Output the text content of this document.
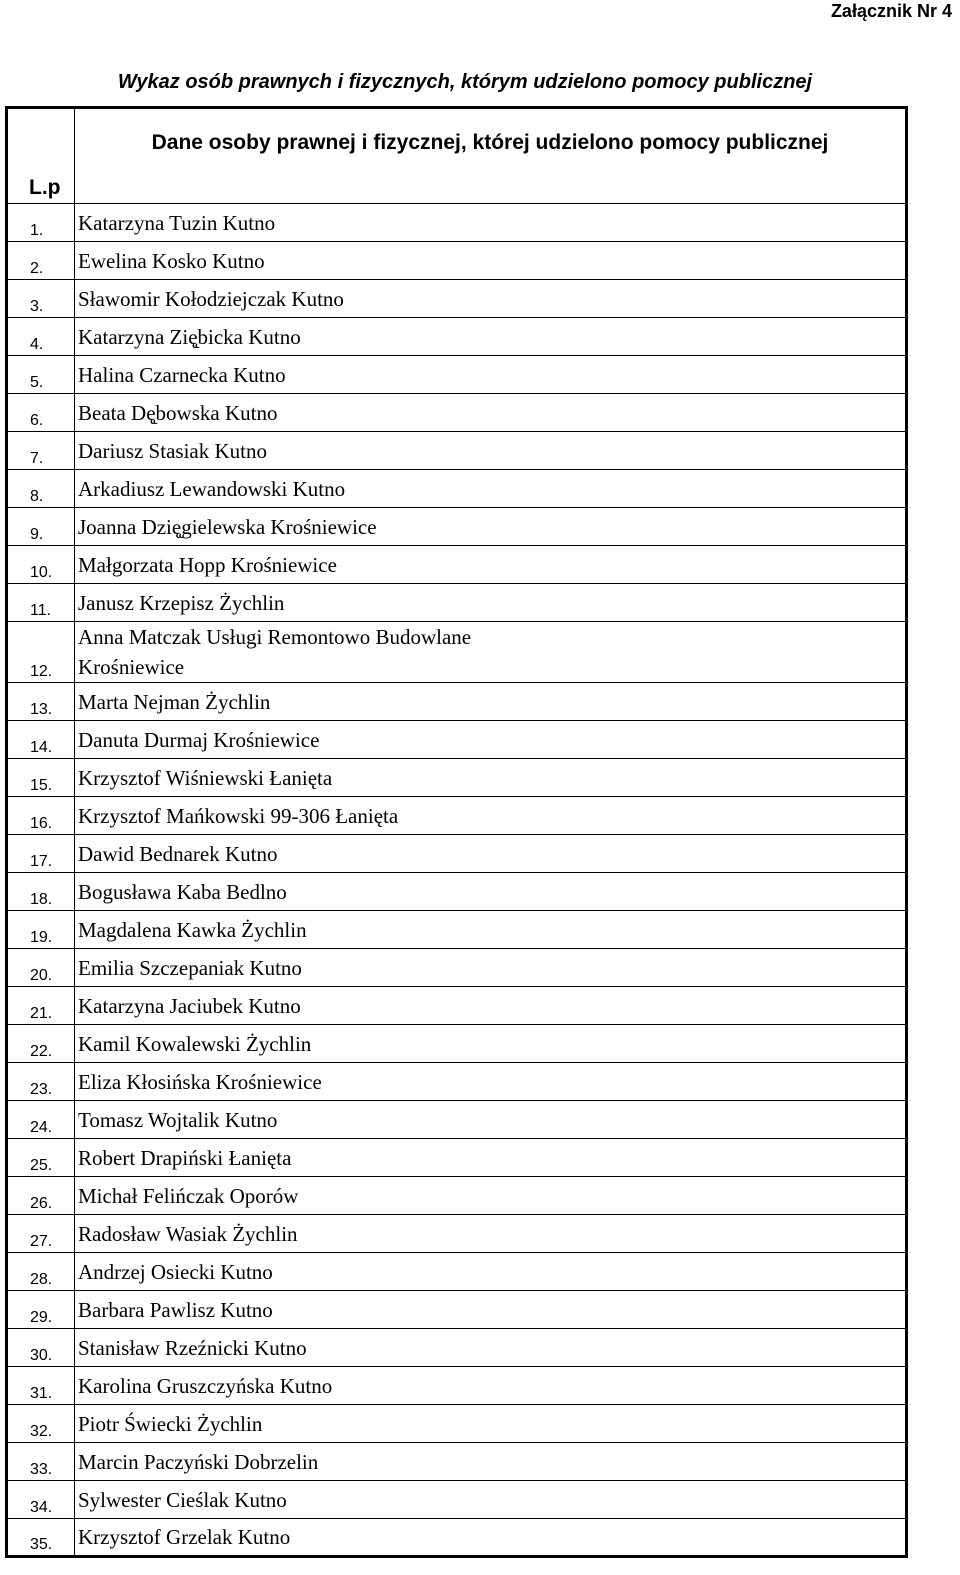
Załącznik Nr 4
Wykaz osób prawnych i fizycznych, którym udzielono pomocy publicznej
L.p	Dane osoby prawnej i fizycznej, której udzielono pomocy publicznej
1.	Katarzyna Tuzin Kutno
2.	Ewelina Kosko Kutno
3.	Sławomir Kołodziejczak Kutno
4.	Katarzyna Zię̨bicka Kutno
5.	Halina Czarnecka Kutno
6.	Beata Dę̨bowska Kutno
7.	Dariusz Stasiak Kutno
8.	Arkadiusz Lewandowski Kutno
9.	Joanna Dzię̨gielewska Krośniewice
10.	Małgorzata Hopp Krośniewice
11.	Janusz Krzepisz Żychlin
12.	Anna Matczak Usługi Remontowo Budowlane
Krośniewice
13.	Marta Nejman Żychlin
14.	Danuta Durmaj Krośniewice
15.	Krzysztof Wiśniewski Łanięta
16.	Krzysztof Mańkowski 99-306 Łanięta
17.	Dawid Bednarek Kutno
18.	Bogusława Kaba Bedlno
19.	Magdalena Kawka Żychlin
20.	Emilia Szczepaniak Kutno
21.	Katarzyna Jaciubek Kutno
22.	Kamil Kowalewski Żychlin
23.	Eliza Kłosińska Krośniewice
24.	Tomasz Wojtalik Kutno
25.	Robert Drapiński Łanięta
26.	Michał Felińczak Oporów
27.	Radosław Wasiak Żychlin
28.	Andrzej Osiecki Kutno
29.	Barbara Pawlisz Kutno
30.	Stanisław Rzeźnicki Kutno
31.	Karolina Gruszczyńska Kutno
32.	Piotr Świecki Żychlin
33.	Marcin Paczyński Dobrzelin
34.	Sylwester Cieślak Kutno
35.	Krzysztof Grzelak Kutno
